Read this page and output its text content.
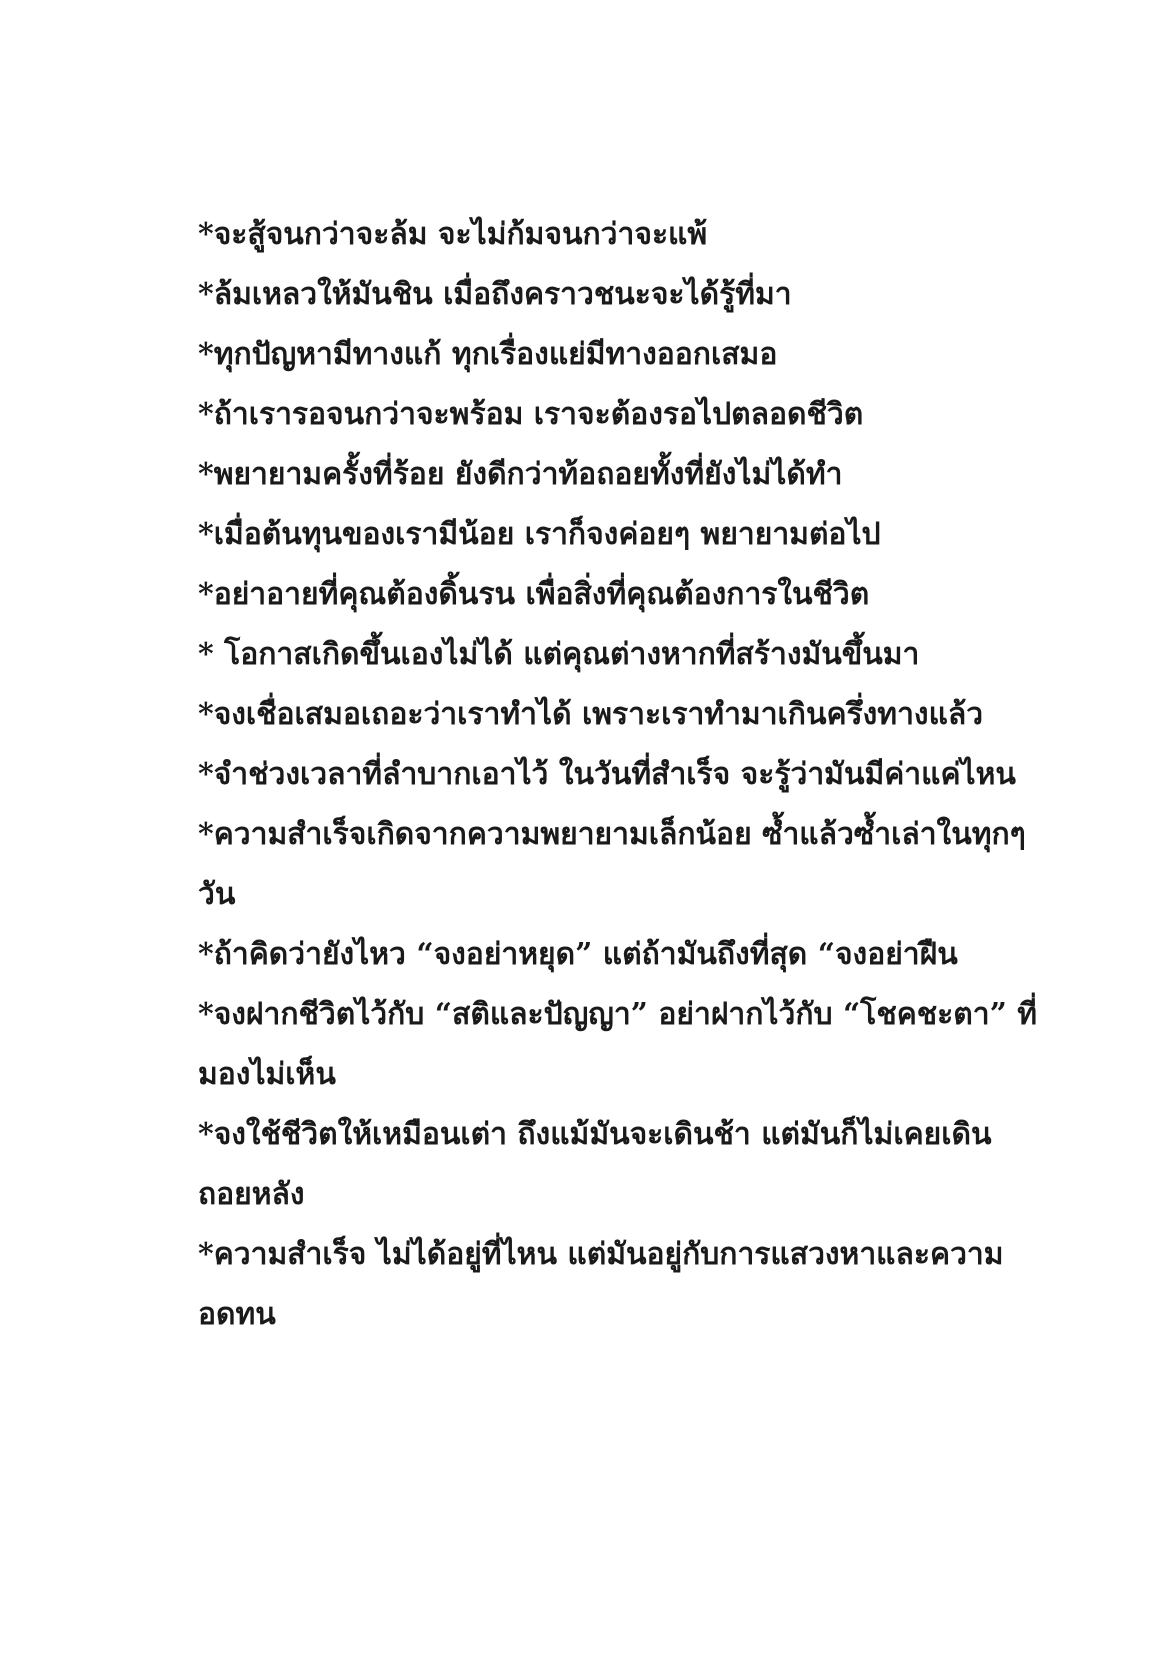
*จะสู้จนกว่าจะล้ม จะไม่ก้มจนกว่าจะแพ้
*ล้มเหลวให้มันชิน เมื่อถึงคราวชนะจะได้รู้ที่มา
*ทุกปัญหามีทางแก้ ทุกเรื่องแย่มีทางออกเสมอ
*ถ้าเรารอจนกว่าจะพร้อม เราจะต้องรอไปตลอดชีวิต
*พยายามครั้งที่ร้อย ยังดีกว่าท้อถอยทั้งที่ยังไม่ได้ทำ
*เมื่อต้นทุนของเรามีน้อย เราก็จงค่อยๆ พยายามต่อไป
*อย่าอายที่คุณต้องดิ้นรน เพื่อสิ่งที่คุณต้องการในชีวิต
* โอกาสเกิดขึ้นเองไม่ได้ แต่คุณต่างหากที่สร้างมันขึ้นมา
*จงเชื่อเสมอเถอะว่าเราทำได้ เพราะเราทำมาเกินครึ่งทางแล้ว
*จำช่วงเวลาที่ลำบากเอาไว้ ในวันที่สำเร็จ จะรู้ว่ามันมีค่าแค่ไหน
*ความสำเร็จเกิดจากความพยายามเล็กน้อย ซ้ำแล้วซ้ำเล่าในทุกๆ
วัน
*ถ้าคิดว่ายังไหว “จงอย่าหยุด” แต่ถ้ามันถึงที่สุด “จงอย่าฝืน
*จงฝากชีวิตไว้กับ “สติและปัญญา” อย่าฝากไว้กับ “โชคชะตา” ที่
มองไม่เห็น
*จงใช้ชีวิตให้เหมือนเต่า ถึงแม้มันจะเดินช้า แต่มันก็ไม่เคยเดิน
ถอยหลัง
*ความสำเร็จ ไม่ได้อยู่ที่ไหน แต่มันอยู่กับการแสวงหาและความ
อดทน
